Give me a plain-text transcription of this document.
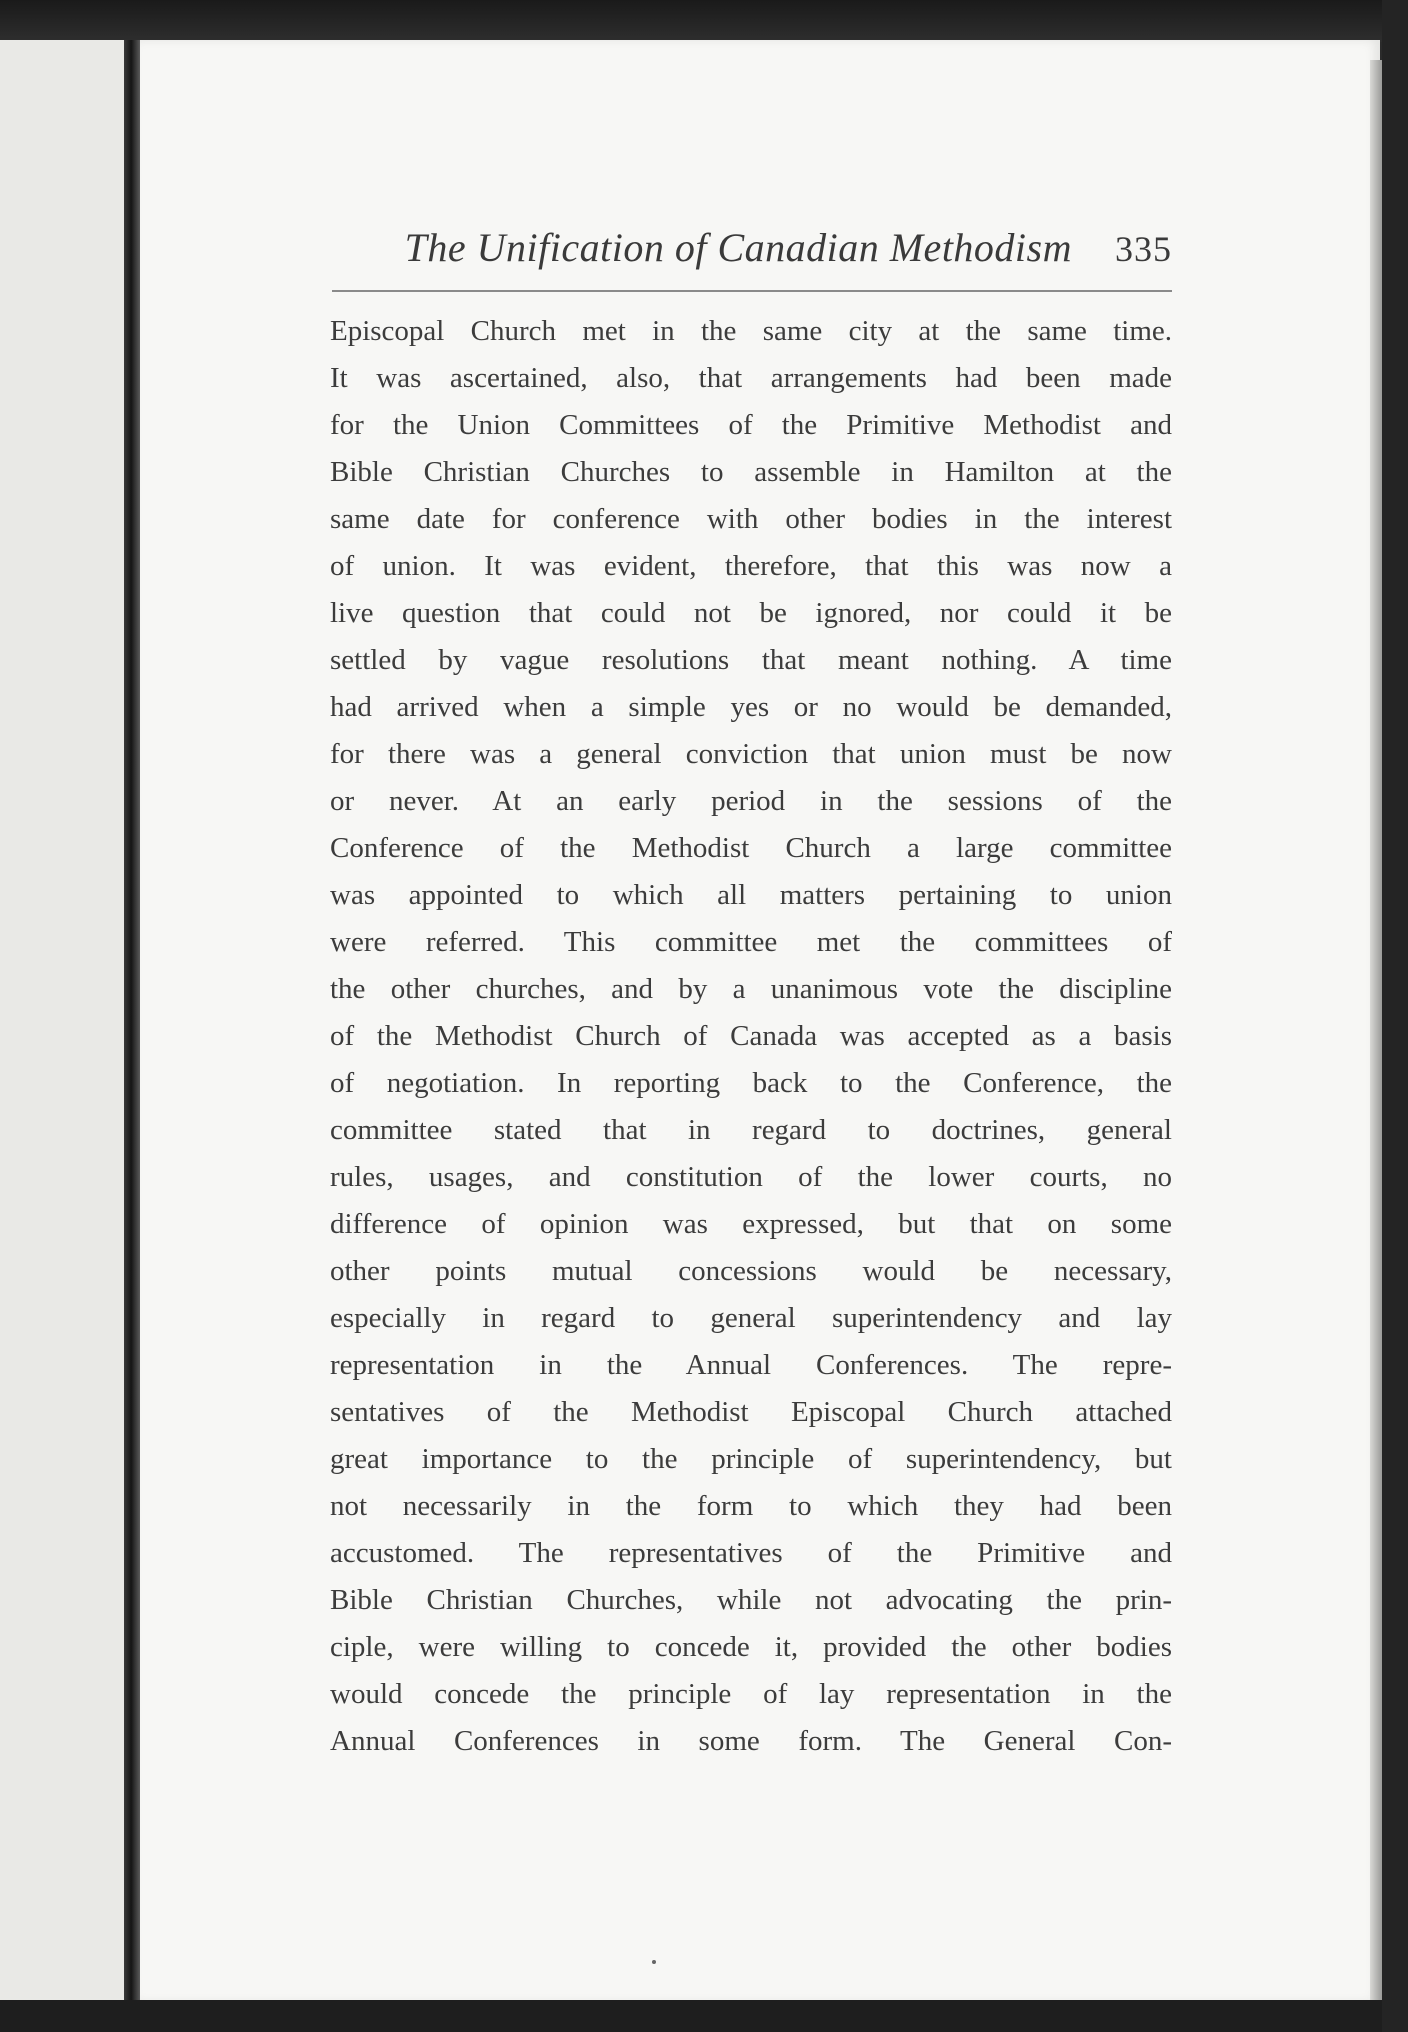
The Unification of Canadian Methodism 335
Episcopal Church met in the same city at the same time.
It was ascertained, also, that arrangements had been made
for the Union Committees of the Primitive Methodist and
Bible Christian Churches to assemble in Hamilton at the
same date for conference with other bodies in the interest
of union. It was evident, therefore, that this was now a
live question that could not be ignored, nor could it be
settled by vague resolutions that meant nothing. A time
had arrived when a simple yes or no would be demanded,
for there was a general conviction that union must be now
or never. At an early period in the sessions of the
Conference of the Methodist Church a large committee
was appointed to which all matters pertaining to union
were referred. This committee met the committees of
the other churches, and by a unanimous vote the discipline
of the Methodist Church of Canada was accepted as a basis
of negotiation. In reporting back to the Conference, the
committee stated that in regard to doctrines, general
rules, usages, and constitution of the lower courts, no
difference of opinion was expressed, but that on some
other points mutual concessions would be necessary,
especially in regard to general superintendency and lay
representation in the Annual Conferences. The repre-
sentatives of the Methodist Episcopal Church attached
great importance to the principle of superintendency, but
not necessarily in the form to which they had been
accustomed. The representatives of the Primitive and
Bible Christian Churches, while not advocating the prin-
ciple, were willing to concede it, provided the other bodies
would concede the principle of lay representation in the
Annual Conferences in some form. The General Con-
